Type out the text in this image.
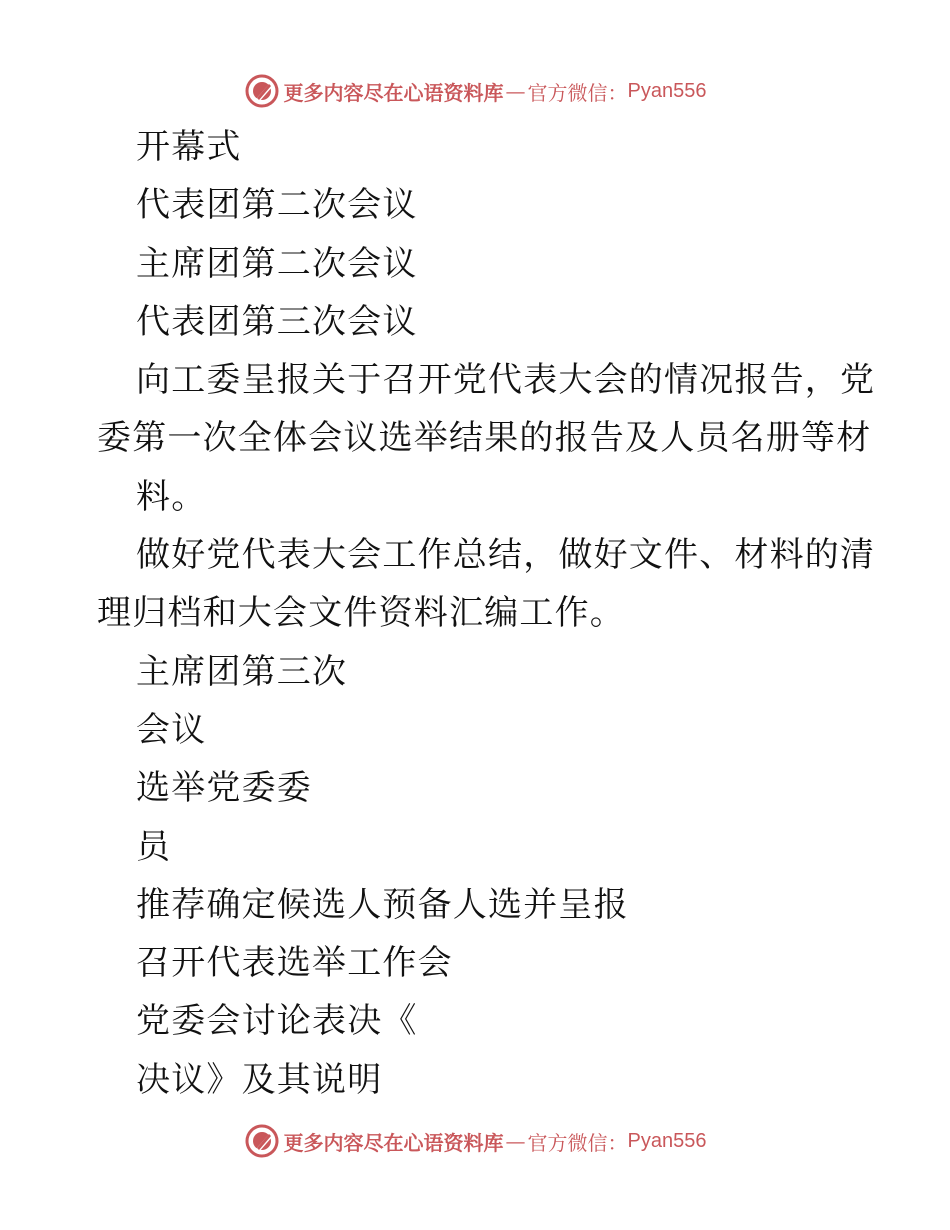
更多内容尽在心语资料库 — 官方微信： Pyan556
开幕式
代表团第二次会议
主席团第二次会议
代表团第三次会议
向工委呈报关于召开党代表大会的情况报告，党
委第一次全体会议选举结果的报告及人员名册等材
料。
做好党代表大会工作总结，做好文件、材料的清
理归档和大会文件资料汇编工作。
主席团第三次
会议
选举党委委
员
推荐确定候选人预备人选并呈报
召开代表选举工作会
党委会讨论表决《
决议》及其说明
更多内容尽在心语资料库 — 官方微信： Pyan556
